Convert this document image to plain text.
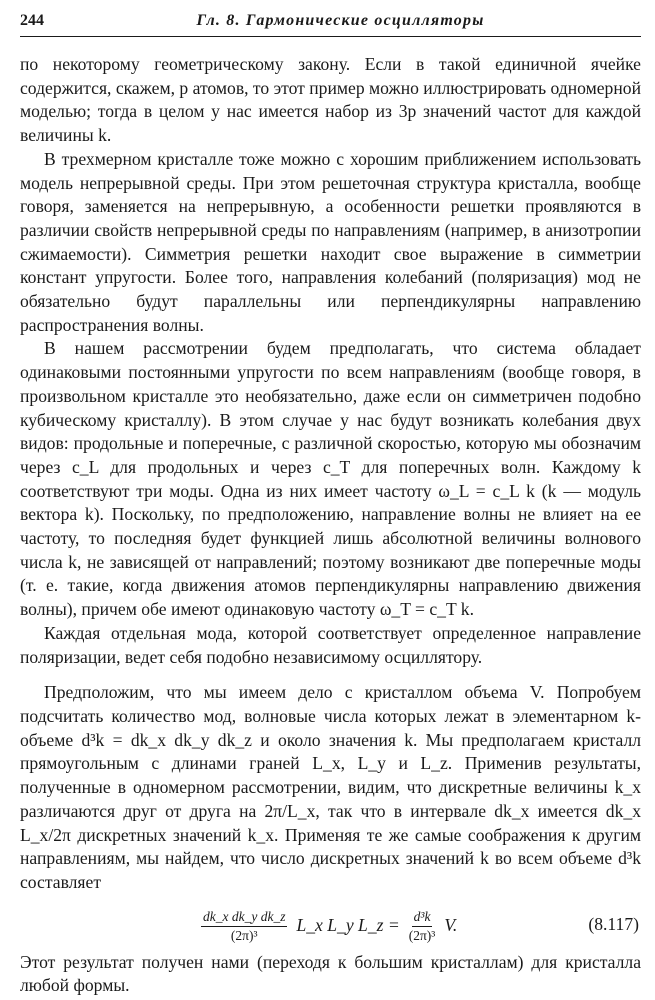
244	Гл. 8. Гармонические осцилляторы

по некоторому геометрическому закону. Если в такой единичной ячейке содержится, скажем, p атомов, то этот пример можно иллюстрировать одномерной моделью; тогда в целом у нас имеется набор из 3p значений частот для каждой величины k.

В трехмерном кристалле тоже можно с хорошим приближением использовать модель непрерывной среды. При этом решеточная структура кристалла, вообще говоря, заменяется на непрерывную, а особенности решетки проявляются в различии свойств непрерывной среды по направлениям (например, в анизотропии сжимаемости). Симметрия решетки находит свое выражение в симметрии констант упругости. Более того, направления колебаний (поляризация) мод не обязательно будут параллельны или перпендикулярны направлению распространения волны.

В нашем рассмотрении будем предполагать, что система обладает одинаковыми постоянными упругости по всем направлениям (вообще говоря, в произвольном кристалле это необязательно, даже если он симметричен подобно кубическому кристаллу). В этом случае у нас будут возникать колебания двух видов: продольные и поперечные, с различной скоростью, которую мы обозначим через c_L для продольных и через c_T для поперечных волн. Каждому k соответствуют три моды. Одна из них имеет частоту ω_L = c_L k (k — модуль вектора k). Поскольку, по предположению, направление волны не влияет на ее частоту, то последняя будет функцией лишь абсолютной величины волнового числа k, не зависящей от направлений; поэтому возникают две поперечные моды (т. е. такие, когда движения атомов перпендикулярны направлению движения волны), причем обе имеют одинаковую частоту ω_T = c_T k.

Каждая отдельная мода, которой соответствует определенное направление поляризации, ведет себя подобно независимому осциллятору.

Предположим, что мы имеем дело с кристаллом объема V. Попробуем подсчитать количество мод, волновые числа которых лежат в элементарном k-объеме d³k = dk_x dk_y dk_z и около значения k. Мы предполагаем кристалл прямоугольным с длинами граней L_x, L_y и L_z. Применив результаты, полученные в одномерном рассмотрении, видим, что дискретные величины k_x различаются друг от друга на 2π/L_x, так что в интервале dk_x имеется dk_x L_x/2π дискретных значений k_x. Применяя те же самые соображения к другим направлениям, мы найдем, что число дискретных значений k во всем объеме d³k составляет

$\frac{\text{dk\_x dk\_y dk\_z}}{\text{(2π)³}}$ L_x L_y L_z = $\frac{\text{d³k}}{\text{(2π)³}} V$.	(8.117)

Этот результат получен нами (переходя к большим кристаллам) для кристалла любой формы.
